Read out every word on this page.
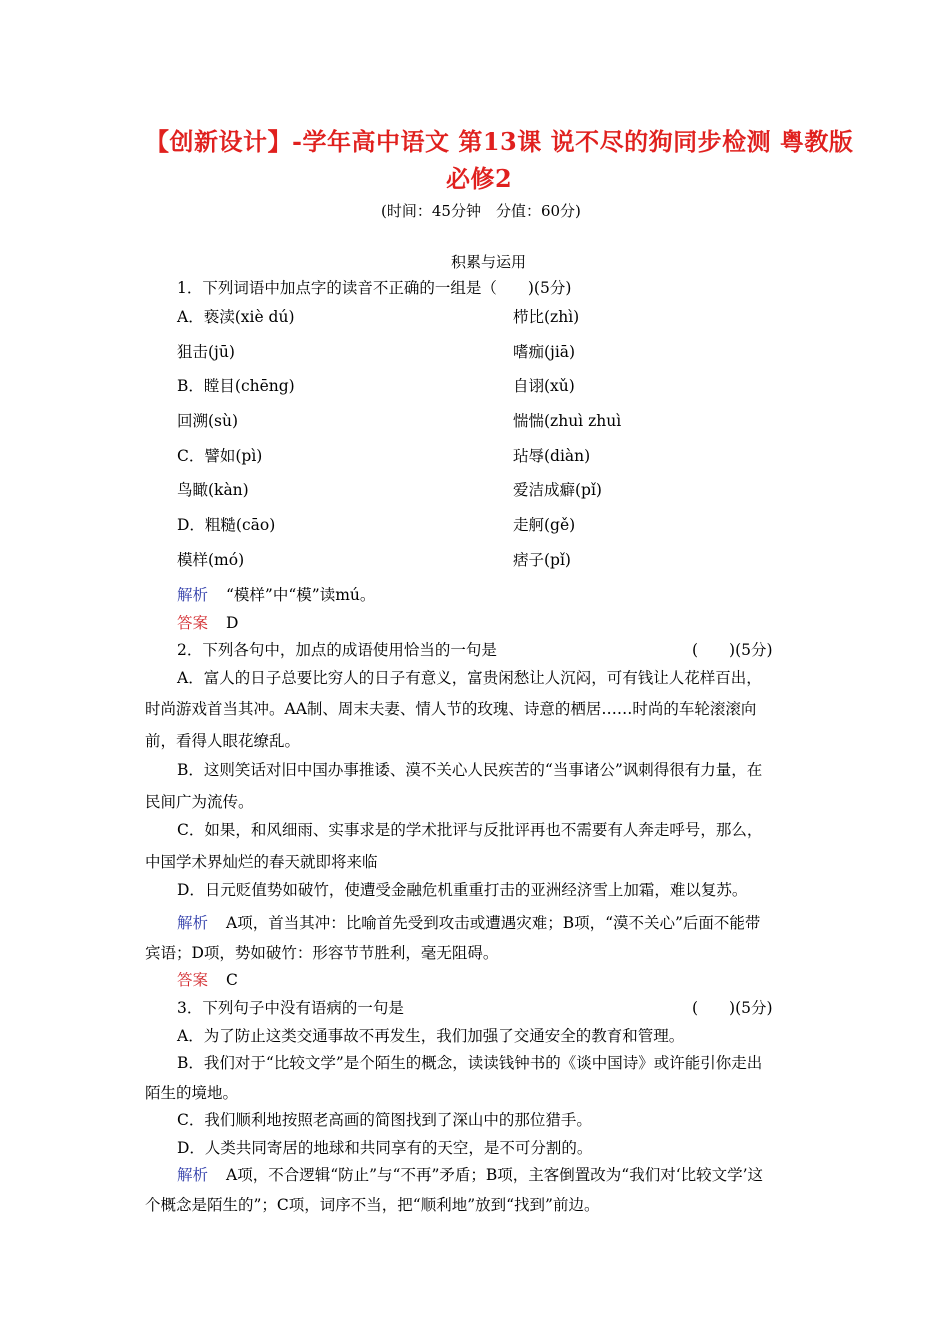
【创新设计】-学年高中语文 第13课 说不尽的狗同步检测 粤教版
必修2
(时间：45分钟　分值：60分)
积累与运用
1．下列词语中加点字的读音不正确的一组是（　　)(5分)
A．亵渎(xiè dú)	栉比(zhì)
狙击(jū)	嗜痂(jiā)
B．瞠目(chēng)	自诩(xǔ)
回溯(sù)	惴惴(zhuì zhuì
C．譬如(pì)	玷辱(diàn)
鸟瞰(kàn)	爱洁成癖(pǐ)
D．粗糙(cāo)	走舸(gě)
模样(mó)	痞子(pǐ)
解析 “模样”中“模”读mú。
答案 D
2．下列各句中，加点的成语使用恰当的一句是	(　　)(5分)
A．富人的日子总要比穷人的日子有意义，富贵闲愁让人沉闷，可有钱让人花样百出，
时尚游戏首当其冲。AA制、周末夫妻、情人节的玫瑰、诗意的栖居……时尚的车轮滚滚向
前，看得人眼花缭乱。
B．这则笑话对旧中国办事推诿、漠不关心人民疾苦的“当事诸公”讽刺得很有力量，在
民间广为流传。
C．如果，和风细雨、实事求是的学术批评与反批评再也不需要有人奔走呼号，那么，
中国学术界灿烂的春天就即将来临
D．日元贬值势如破竹，使遭受金融危机重重打击的亚洲经济雪上加霜，难以复苏。
解析 A项，首当其冲：比喻首先受到攻击或遭遇灾难；B项，“漠不关心”后面不能带
宾语；D项，势如破竹：形容节节胜利，毫无阻碍。
答案 C
3．下列句子中没有语病的一句是	(　　)(5分)
A．为了防止这类交通事故不再发生，我们加强了交通安全的教育和管理。
B．我们对于“比较文学”是个陌生的概念，读读钱钟书的《谈中国诗》或许能引你走出
陌生的境地。
C．我们顺利地按照老高画的简图找到了深山中的那位猎手。
D．人类共同寄居的地球和共同享有的天空，是不可分割的。
解析 A项，不合逻辑“防止”与“不再”矛盾；B项，主客倒置改为“我们对‘比较文学’这
个概念是陌生的”；C项，词序不当，把“顺利地”放到“找到”前边。
